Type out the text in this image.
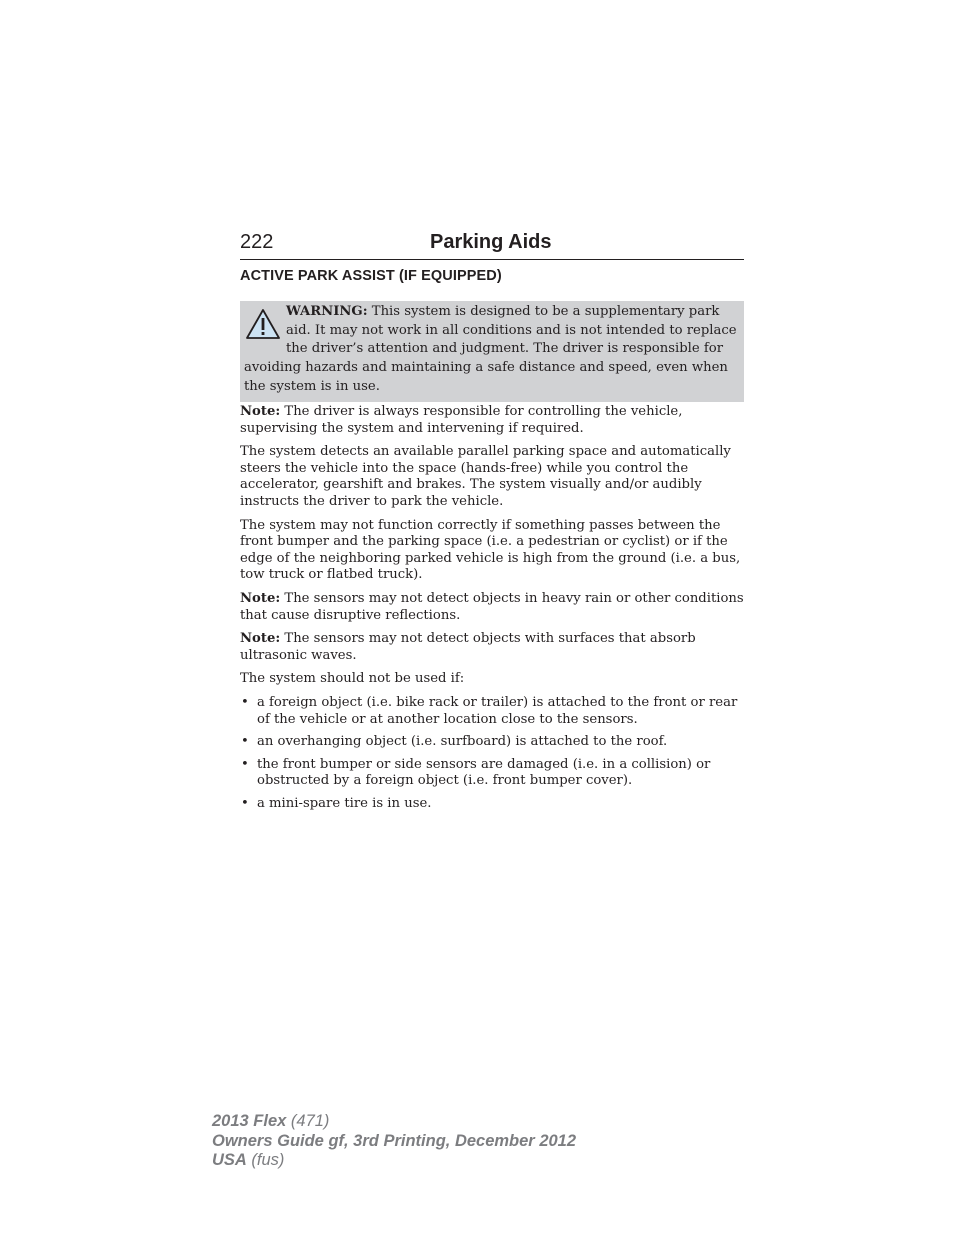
222	Parking Aids
ACTIVE PARK ASSIST (IF EQUIPPED)

WARNING: This system is designed to be a supplementary park aid. It may not work in all conditions and is not intended to replace the driver’s attention and judgment. The driver is responsible for avoiding hazards and maintaining a safe distance and speed, even when the system is in use.

Note: The driver is always responsible for controlling the vehicle, supervising the system and intervening if required.

The system detects an available parallel parking space and automatically steers the vehicle into the space (hands-free) while you control the accelerator, gearshift and brakes. The system visually and/or audibly instructs the driver to park the vehicle.

The system may not function correctly if something passes between the front bumper and the parking space (i.e. a pedestrian or cyclist) or if the edge of the neighboring parked vehicle is high from the ground (i.e. a bus, tow truck or flatbed truck).

Note: The sensors may not detect objects in heavy rain or other conditions that cause disruptive reflections.

Note: The sensors may not detect objects with surfaces that absorb ultrasonic waves.

The system should not be used if:

• a foreign object (i.e. bike rack or trailer) is attached to the front or rear of the vehicle or at another location close to the sensors.
• an overhanging object (i.e. surfboard) is attached to the roof.
• the front bumper or side sensors are damaged (i.e. in a collision) or obstructed by a foreign object (i.e. front bumper cover).
• a mini-spare tire is in use.
2013 Flex (471)
Owners Guide gf, 3rd Printing, December 2012
USA (fus)
